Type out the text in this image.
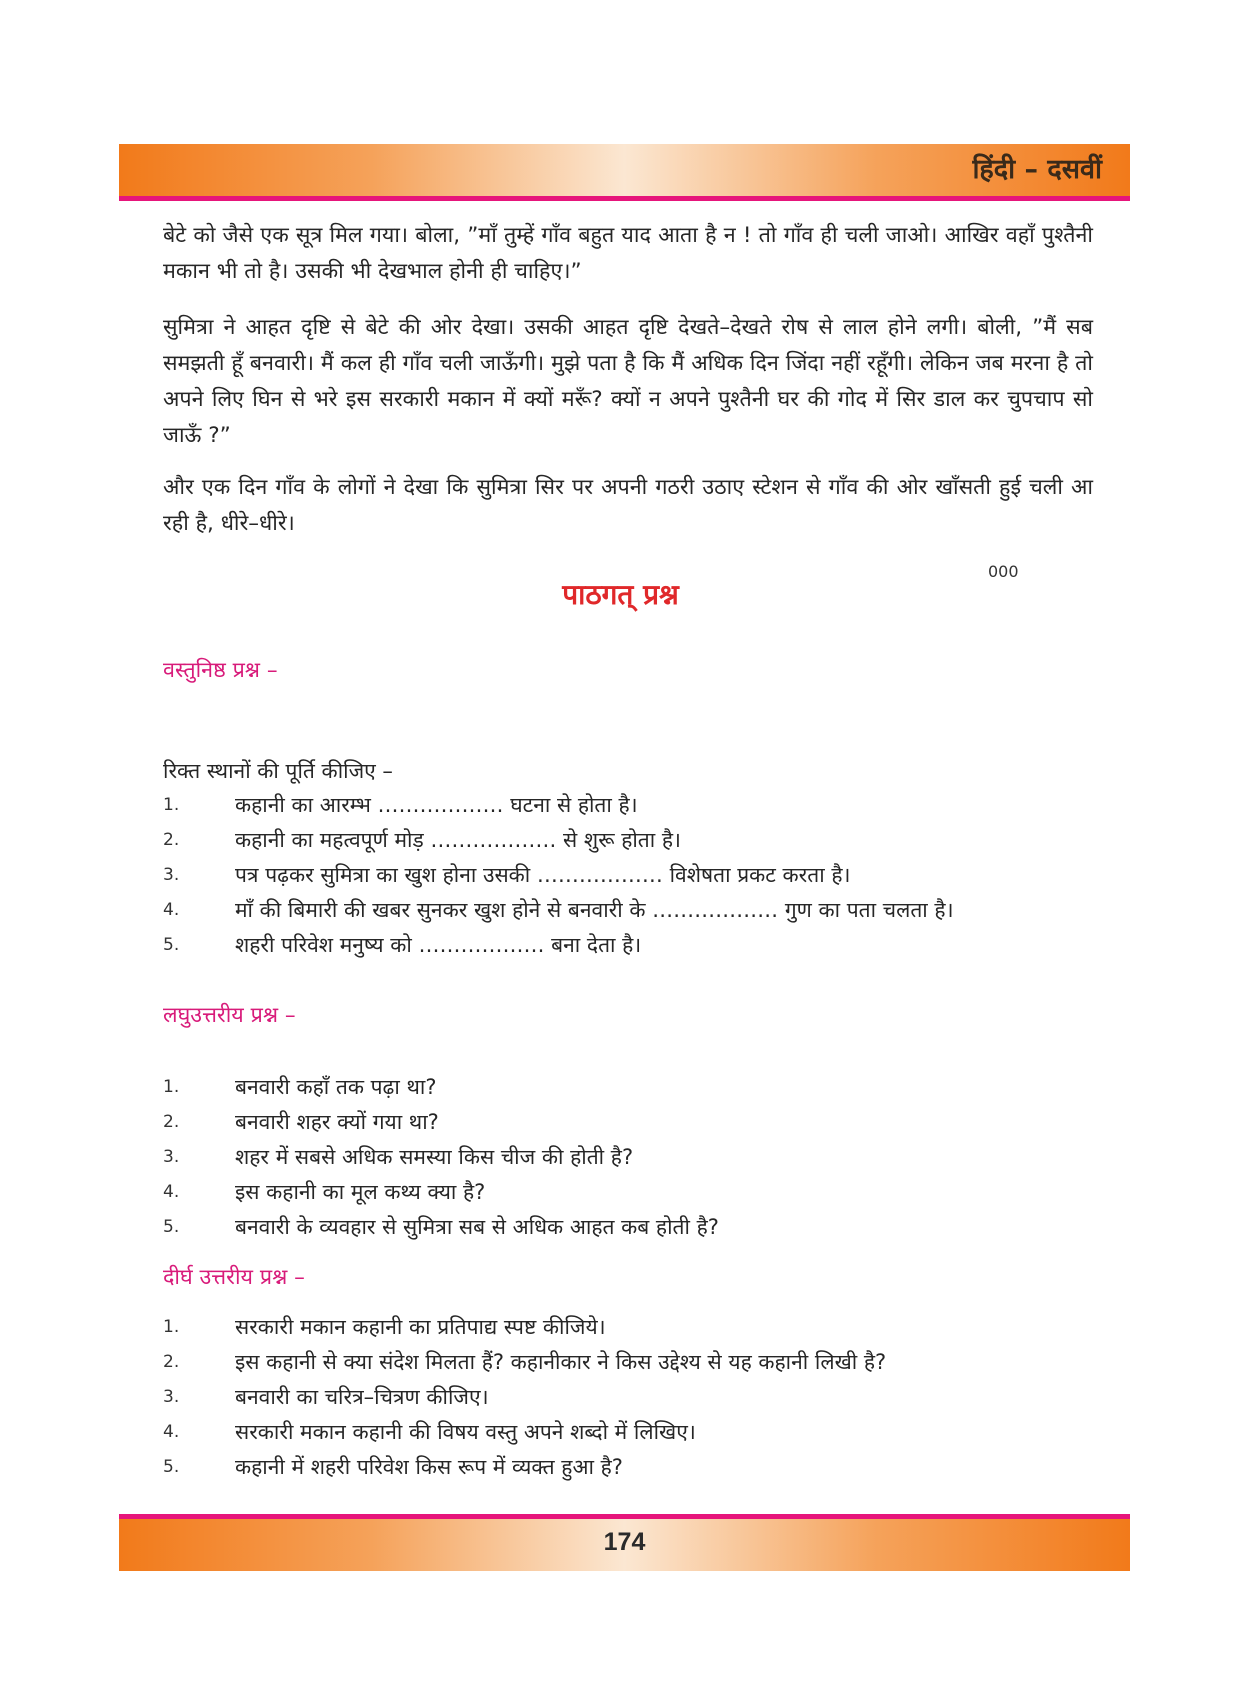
हिंदी – दसवीं

बेटे को जैसे एक सूत्र मिल गया। बोला, ”माँ तुम्हें गाँव बहुत याद आता है न ! तो गाँव ही चली जाओ। आखिर वहाँ पुश्तैनी मकान भी तो है। उसकी भी देखभाल होनी ही चाहिए।”

सुमित्रा ने आहत दृष्टि से बेटे की ओर देखा। उसकी आहत दृष्टि देखते–देखते रोष से लाल होने लगी। बोली, ”मैं सब समझती हूँ बनवारी। मैं कल ही गाँव चली जाऊँगी। मुझे पता है कि मैं अधिक दिन जिंदा नहीं रहूँगी। लेकिन जब मरना है तो अपने लिए घिन से भरे इस सरकारी मकान में क्यों मरूँ? क्यों न अपने पुश्तैनी घर की गोद में सिर डाल कर चुपचाप सो जाऊँ ?”

और एक दिन गाँव के लोगों ने देखा कि सुमित्रा सिर पर अपनी गठरी उठाए स्टेशन से गाँव की ओर खाँसती हुई चली आ रही है, धीरे–धीरे।

000
पाठगत् प्रश्न
वस्तुनिष्ठ प्रश्न –
रिक्त स्थानों की पूर्ति कीजिए –
1.	कहानी का आरम्भ ……………… घटना से होता है।
2.	कहानी का महत्वपूर्ण मोड़ ……………… से शुरू होता है।
3.	पत्र पढ़कर सुमित्रा का खुश होना उसकी ……………… विशेषता प्रकट करता है।
4.	माँ की बिमारी की खबर सुनकर खुश होने से बनवारी के ……………… गुण का पता चलता है।
5.	शहरी परिवेश मनुष्य को ……………… बना देता है।
लघुउत्तरीय प्रश्न –
1.	बनवारी कहाँ तक पढ़ा था?
2.	बनवारी शहर क्यों गया था?
3.	शहर में सबसे अधिक समस्या किस चीज की होती है?
4.	इस कहानी का मूल कथ्य क्या है?
5.	बनवारी के व्यवहार से सुमित्रा सब से अधिक आहत कब होती है?
दीर्घ उत्तरीय प्रश्न –
1.	सरकारी मकान कहानी का प्रतिपाद्य स्पष्ट कीजिये।
2.	इस कहानी से क्या संदेश मिलता हैं? कहानीकार ने किस उद्देश्य से यह कहानी लिखी है?
3.	बनवारी का चरित्र–चित्रण कीजिए।
4.	सरकारी मकान कहानी की विषय वस्तु अपने शब्दो में लिखिए।
5.	कहानी में शहरी परिवेश किस रूप में व्यक्त हुआ है?
174
